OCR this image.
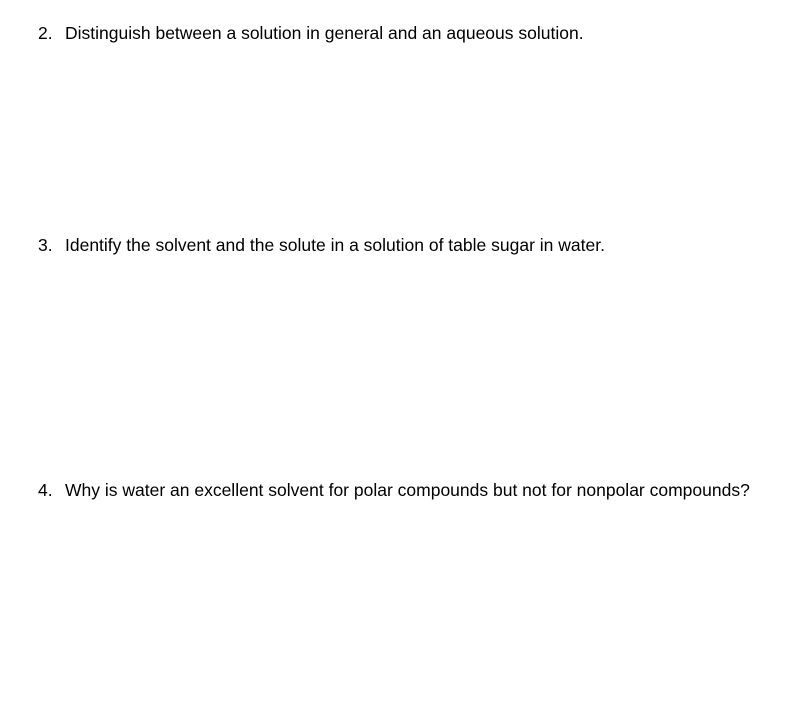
2. Distinguish between a solution in general and an aqueous solution.
3. Identify the solvent and the solute in a solution of table sugar in water.
4. Why is water an excellent solvent for polar compounds but not for nonpolar compounds?
